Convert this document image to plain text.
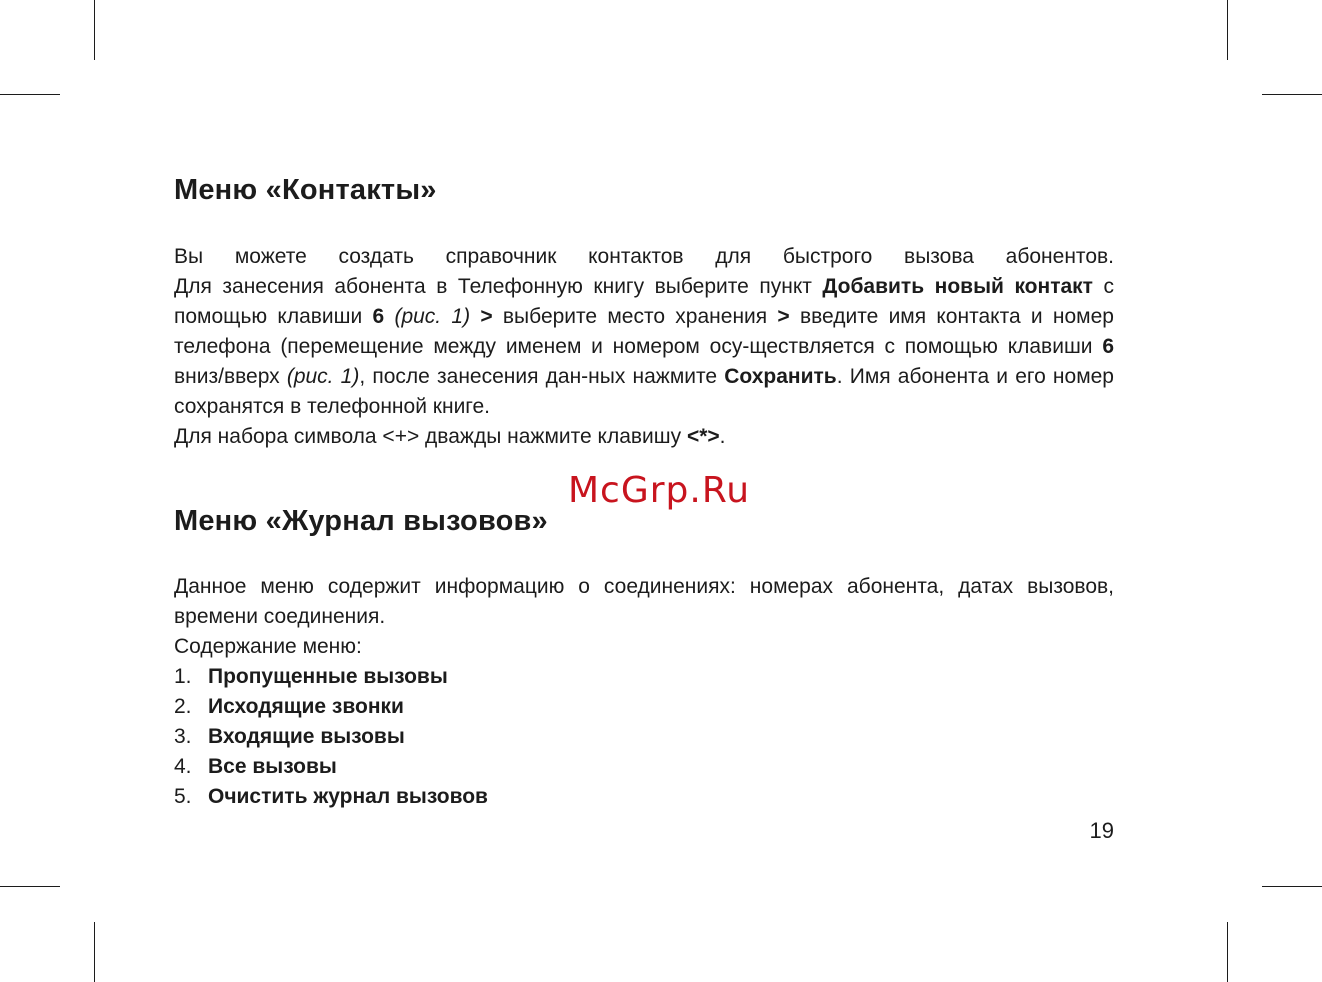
Меню «Контакты»

Вы можете создать справочник контактов для быстрого вызова абонентов.

Для занесения абонента в Телефонную книгу выберите пункт Добавить новый контакт с помощью клавиши 6 (рис. 1) > выберите место хранения > введите имя контакта и номер телефона (перемещение между именем и номером осу-ществляется с помощью клавиши 6 вниз/вверх (рис. 1), после занесения дан-ных нажмите Сохранить. Имя абонента и его номер сохранятся в телефонной книге.

Для набора символа <+> дважды нажмите клавишу <*>.

McGrp.Ru
Меню «Журнал вызовов»

Данное меню содержит информацию о соединениях: номерах абонента, датах вызовов, времени соединения.

Содержание меню:

1. Пропущенные вызовы
2. Исходящие звонки
3. Входящие вызовы
4. Все вызовы
5. Очистить журнал вызовов
19
